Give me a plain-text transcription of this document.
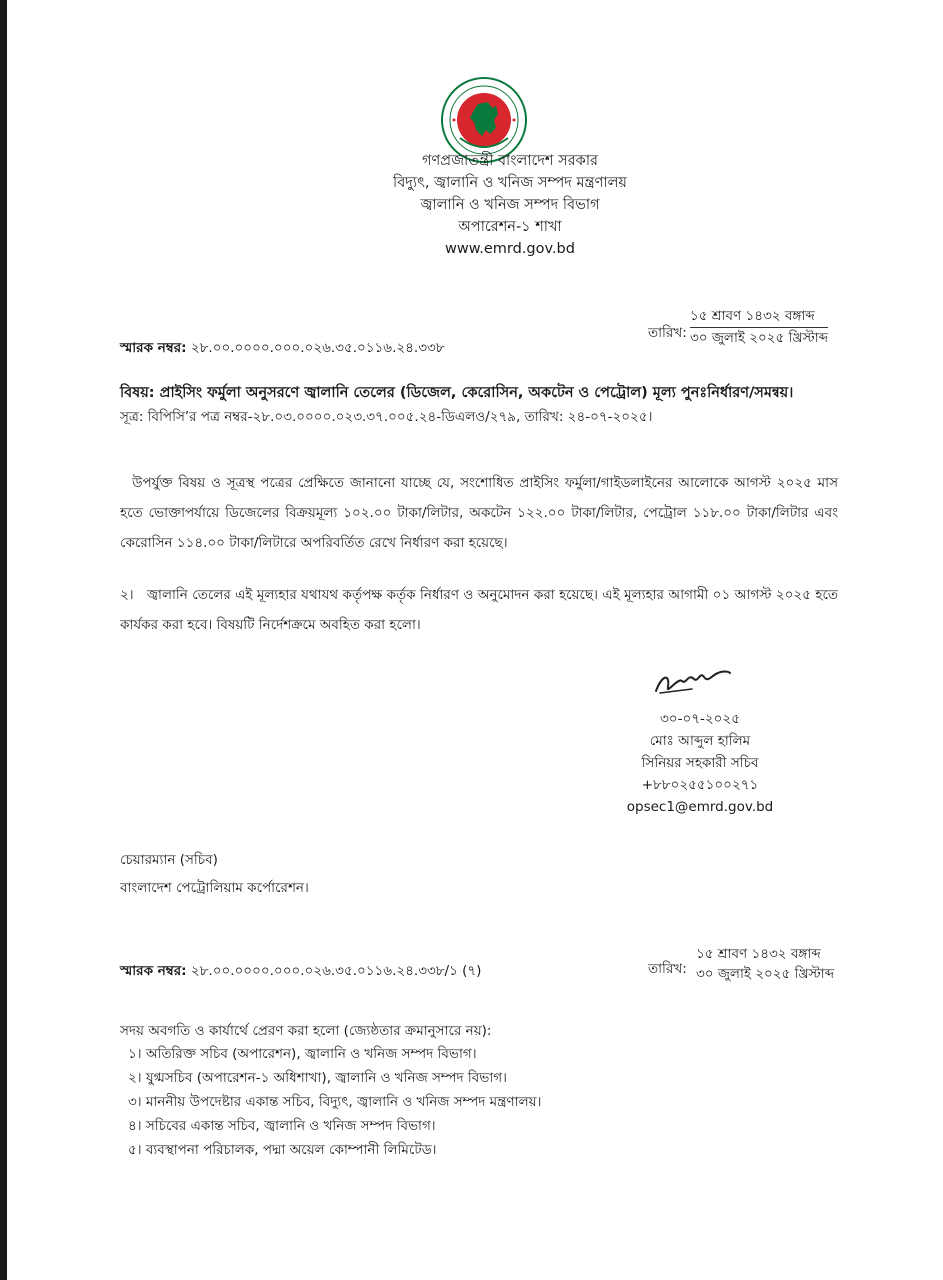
গণপ্রজাতন্ত্রী বাংলাদেশ সরকার
বিদ্যুৎ, জ্বালানি ও খনিজ সম্পদ মন্ত্রণালয়
জ্বালানি ও খনিজ সম্পদ বিভাগ
অপারেশন-১ শাখা
www.emrd.gov.bd
স্মারক নম্বর: ২৮.০০.০০০০.০০০.০২৬.৩৫.০১১৬.২৪.৩৩৮
তারিখ:
১৫ শ্রাবণ ১৪৩২ বঙ্গাব্দ
৩০ জুলাই ২০২৫ খ্রিস্টাব্দ
বিষয়: প্রাইসিং ফর্মুলা অনুসরণে জ্বালানি তেলের (ডিজেল, কেরোসিন, অকটেন ও পেট্রোল) মূল্য পুনঃনির্ধারণ/সমন্বয়।
সূত্র: বিপিসি’র পত্র নম্বর-২৮.০৩.০০০০.০২৩.৩৭.০০৫.২৪-ডিএলও/২৭৯, তারিখ: ২৪-০৭-২০২৫।
উপর্যুক্ত বিষয় ও সূত্রস্থ পত্রের প্রেক্ষিতে জানানো যাচ্ছে যে, সংশোধিত প্রাইসিং ফর্মুলা/গাইডলাইনের আলোকে আগস্ট ২০২৫ মাস হতে ভোক্তাপর্যায়ে ডিজেলের বিক্রয়মূল্য ১০২.০০ টাকা/লিটার, অকটেন ১২২.০০ টাকা/লিটার, পেট্রোল ১১৮.০০ টাকা/লিটার এবং কেরোসিন ১১৪.০০ টাকা/লিটারে অপরিবর্তিত রেখে নির্ধারণ করা হয়েছে।
২। জ্বালানি তেলের এই মূল্যহার যথাযথ কর্তৃপক্ষ কর্তৃক নির্ধারণ ও অনুমোদন করা হয়েছে। এই মূল্যহার আগামী ০১ আগস্ট ২০২৫ হতে কার্যকর করা হবে। বিষয়টি নির্দেশক্রমে অবহিত করা হলো।
৩০-০৭-২০২৫
মোঃ আব্দুল হালিম
সিনিয়র সহকারী সচিব
+৮৮০২৫৫১০০২৭১
opsec1@emrd.gov.bd
চেয়ারম্যান (সচিব)
বাংলাদেশ পেট্রোলিয়াম কর্পোরেশন।
স্মারক নম্বর: ২৮.০০.০০০০.০০০.০২৬.৩৫.০১১৬.২৪.৩৩৮/১ (৭)	তারিখ:
১৫ শ্রাবণ ১৪৩২ বঙ্গাব্দ
৩০ জুলাই ২০২৫ খ্রিস্টাব্দ
সদয় অবগতি ও কার্যার্থে প্রেরণ করা হলো (জ্যেষ্ঠতার ক্রমানুসারে নয়):
১। অতিরিক্ত সচিব (অপারেশন), জ্বালানি ও খনিজ সম্পদ বিভাগ।
২। যুগ্মসচিব (অপারেশন-১ অধিশাখা), জ্বালানি ও খনিজ সম্পদ বিভাগ।
৩। মাননীয় উপদেষ্টার একান্ত সচিব, বিদ্যুৎ, জ্বালানি ও খনিজ সম্পদ মন্ত্রণালয়।
৪। সচিবের একান্ত সচিব, জ্বালানি ও খনিজ সম্পদ বিভাগ।
৫। ব্যবস্থাপনা পরিচালক, পদ্মা অয়েল কোম্পানী লিমিটেড।
